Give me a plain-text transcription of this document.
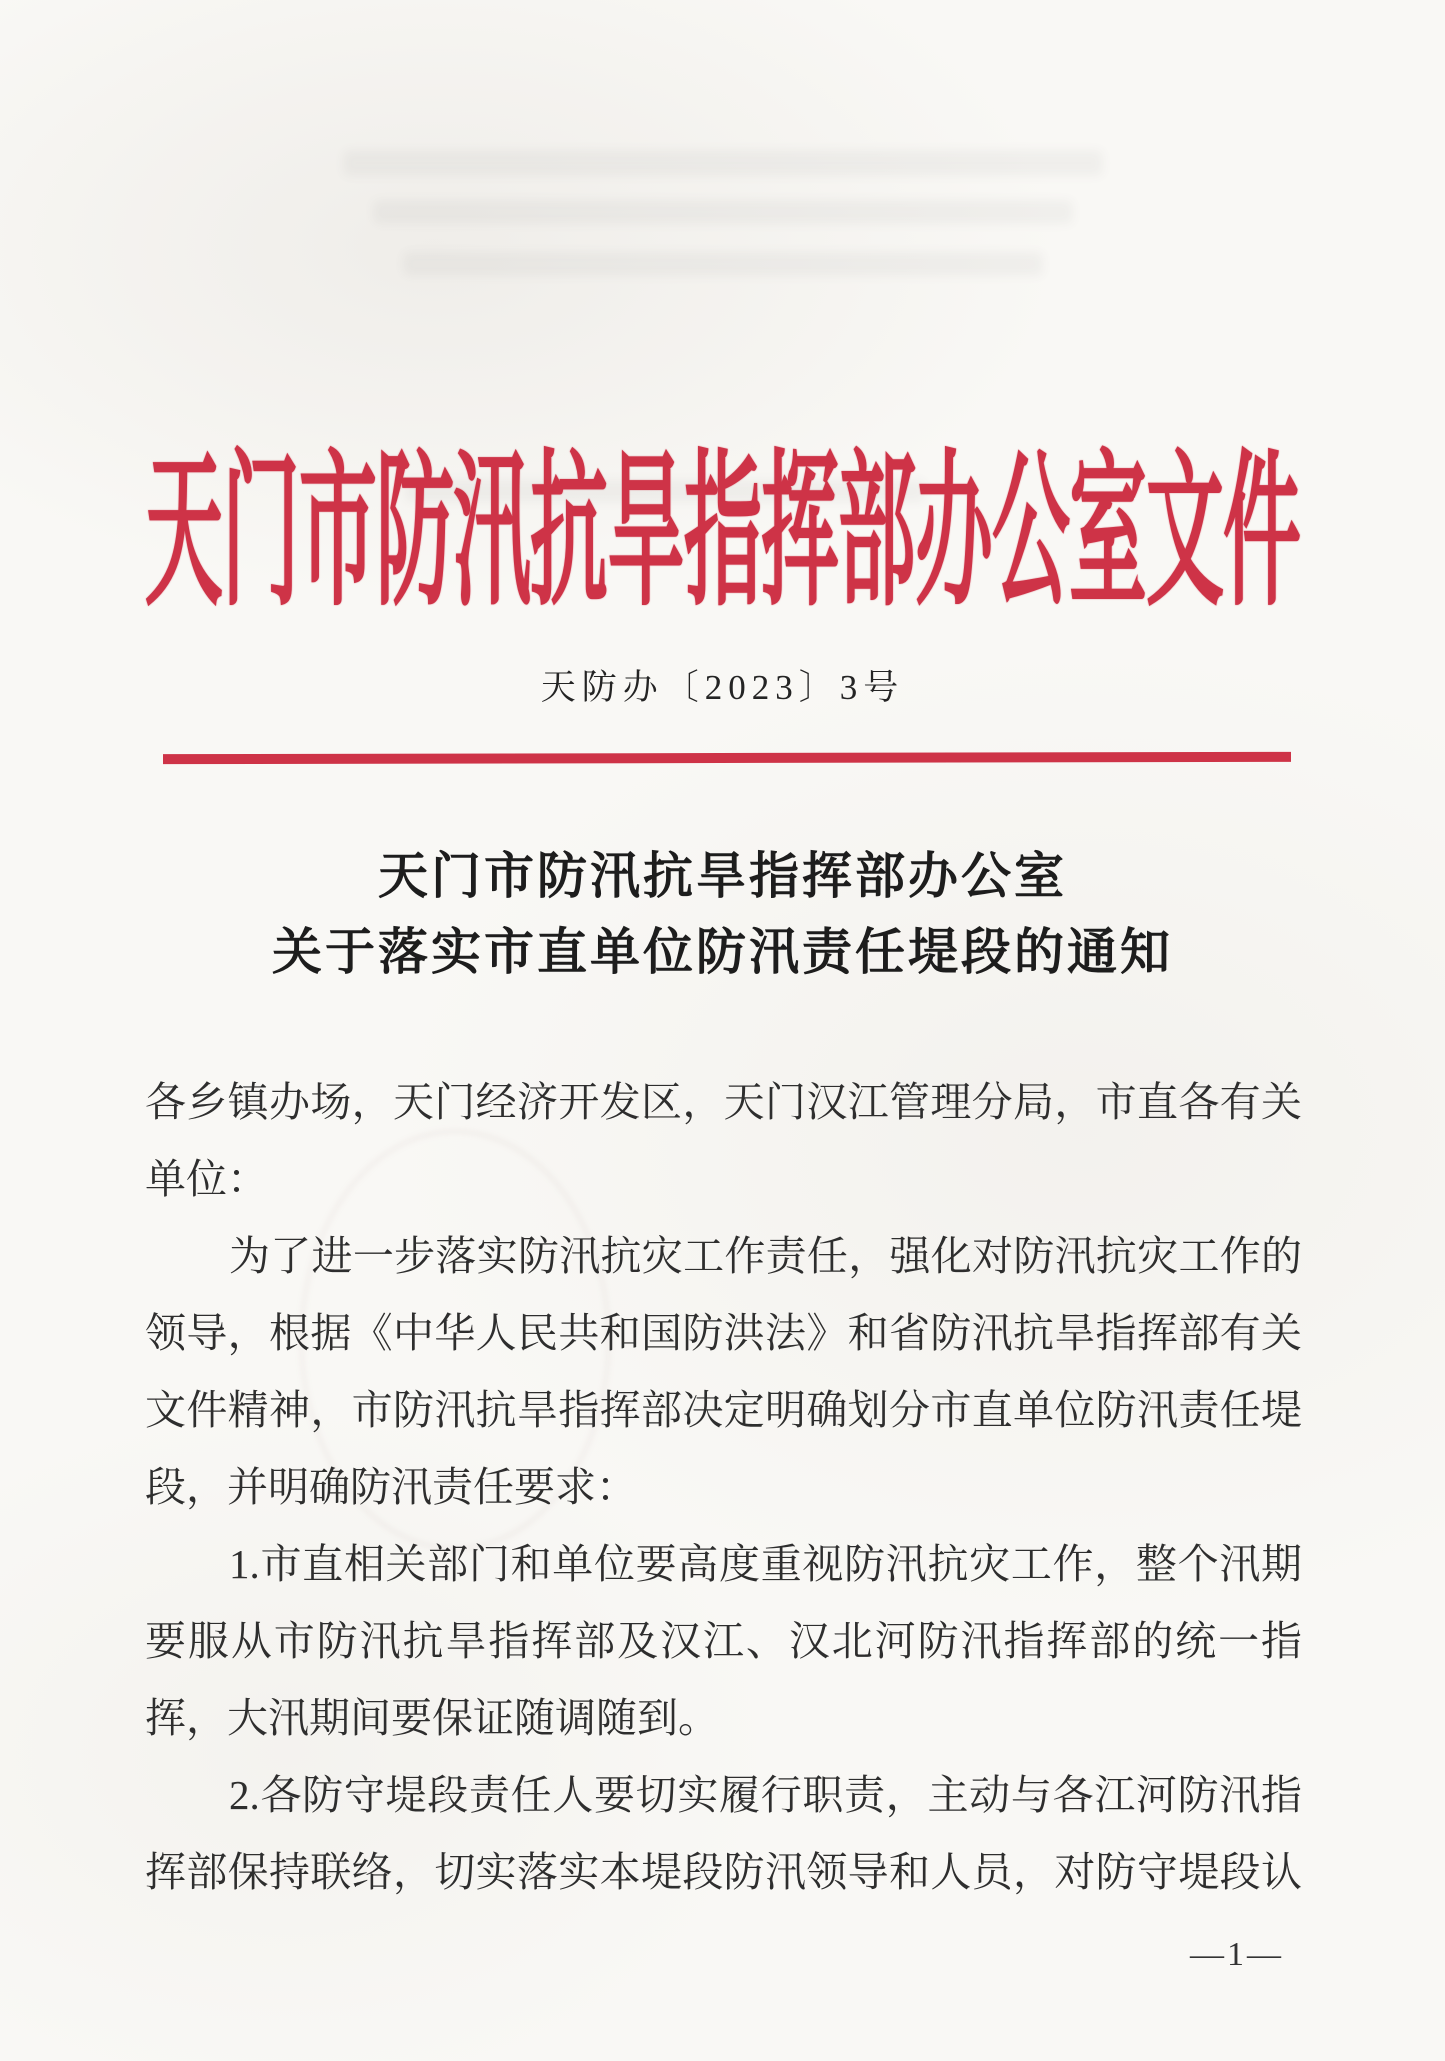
天门市防汛抗旱指挥部办公室文件
天防办〔2023〕3号
天门市防汛抗旱指挥部办公室
关于落实市直单位防汛责任堤段的通知
各乡镇办场，天门经济开发区，天门汉江管理分局，市直各有关
单位：
为了进一步落实防汛抗灾工作责任，强化对防汛抗灾工作的
领导，根据《中华人民共和国防洪法》和省防汛抗旱指挥部有关
文件精神，市防汛抗旱指挥部决定明确划分市直单位防汛责任堤
段，并明确防汛责任要求：
1.市直相关部门和单位要高度重视防汛抗灾工作，整个汛期
要服从市防汛抗旱指挥部及汉江、汉北河防汛指挥部的统一指
挥，大汛期间要保证随调随到。
2.各防守堤段责任人要切实履行职责，主动与各江河防汛指
挥部保持联络，切实落实本堤段防汛领导和人员，对防守堤段认
—1—
